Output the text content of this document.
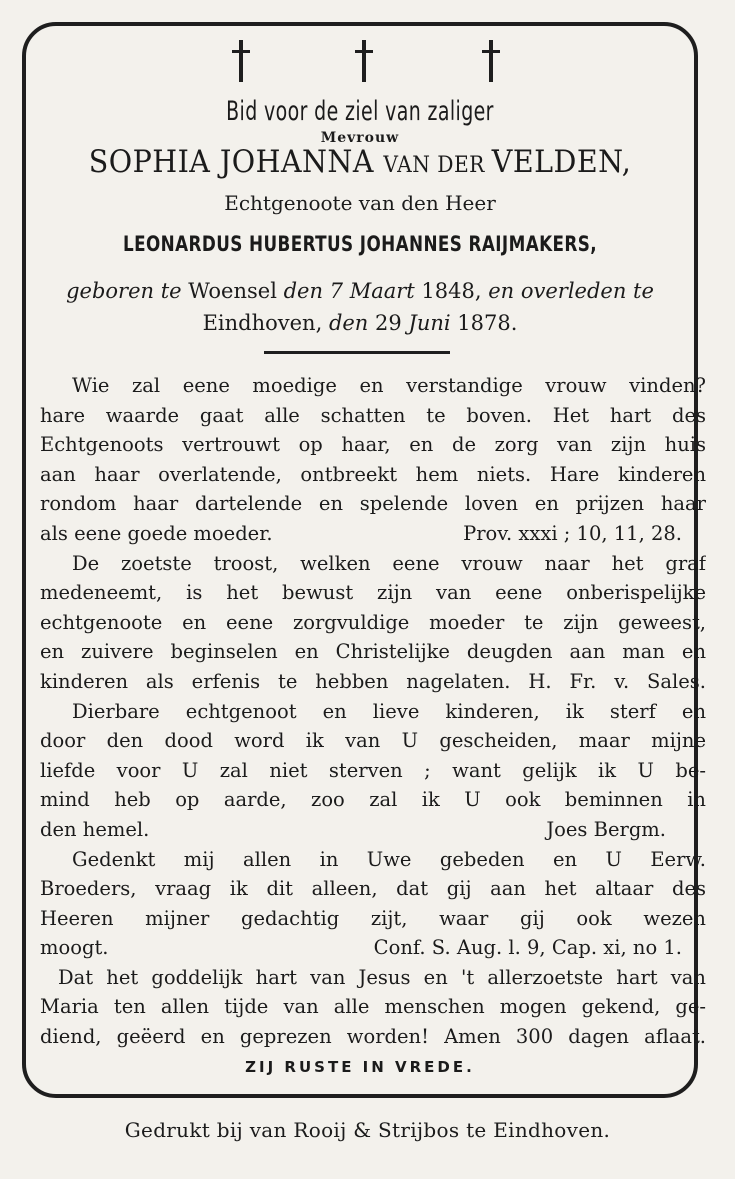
Bid voor de ziel van zaliger
Mevrouw
SOPHIA JOHANNA VAN DER VELDEN,
Echtgenoote van den Heer
LEONARDUS HUBERTUS JOHANNES RAIJMAKERS,
geboren te Woensel den 7 Maart 1848, en overleden te
Eindhoven, den 29 Juni 1878.
Wie zal eene moedige en verstandige vrouw vinden?
hare waarde gaat alle schatten te boven. Het hart des
Echtgenoots vertrouwt op haar, en de zorg van zijn huis
aan haar overlatende, ontbreekt hem niets. Hare kinderen
rondom haar dartelende en spelende loven en prijzen haar
als eene goede moeder.	Prov. xxxi ; 10, 11, 28.
De zoetste troost, welken eene vrouw naar het graf
medeneemt, is het bewust zijn van eene onberispelijke
echtgenoote en eene zorgvuldige moeder te zijn geweest,
en zuivere beginselen en Christelijke deugden aan man en
kinderen als erfenis te hebben nagelaten. H. Fr. v. Sales.
Dierbare echtgenoot en lieve kinderen, ik sterf en
door den dood word ik van U gescheiden, maar mijne
liefde voor U zal niet sterven ; want gelijk ik U be-
mind heb op aarde, zoo zal ik U ook beminnen in
den hemel.	Joes Bergm.
Gedenkt mij allen in Uwe gebeden en U Eerw.
Broeders, vraag ik dit alleen, dat gij aan het altaar des
Heeren mijner gedachtig zijt, waar gij ook wezen
moogt.	Conf. S. Aug. l. 9, Cap. xi, no 1.
Dat het goddelijk hart van Jesus en 't allerzoetste hart van
Maria ten allen tijde van alle menschen mogen gekend, ge-
diend, geëerd en geprezen worden! Amen 300 dagen aflaat.
ZIJ RUSTE IN VREDE.
Gedrukt bij van Rooij & Strijbos te Eindhoven.
